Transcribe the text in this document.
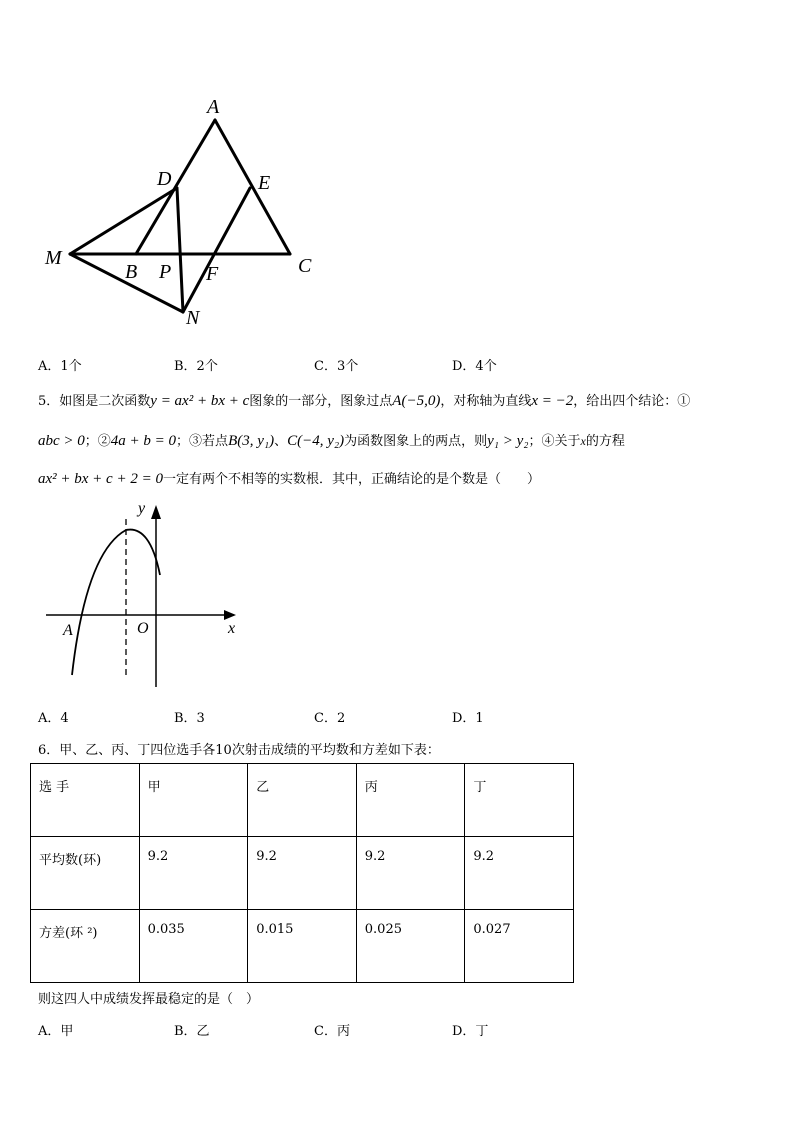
A
D	E
M
B P F	C
N
A．1个	B．2个	C．3个	D．4个
5．如图是二次函数y = ax² + bx + c图象的一部分，图象过点A(−5,0)，对称轴为直线x = −2，给出四个结论：①
abc > 0；②4a + b = 0；③若点B(3, y₁)、C(−4, y₂)为函数图象上的两点，则y₁ > y₂；④关于x的方程
ax² + bx + c + 2 = 0一定有两个不相等的实数根．其中，正确结论的是个数是（　　）
y
x
A	O
A．4	B．3	C．2	D．1
6．甲、乙、丙、丁四位选手各10次射击成绩的平均数和方差如下表：
选 手	甲	乙	丙	丁
平均数(环)	9.2	9.2	9.2	9.2
方差(环 ²)	0.035	0.015	0.025	0.027
则这四人中成绩发挥最稳定的是（　）
A．甲	B．乙	C．丙	D．丁
